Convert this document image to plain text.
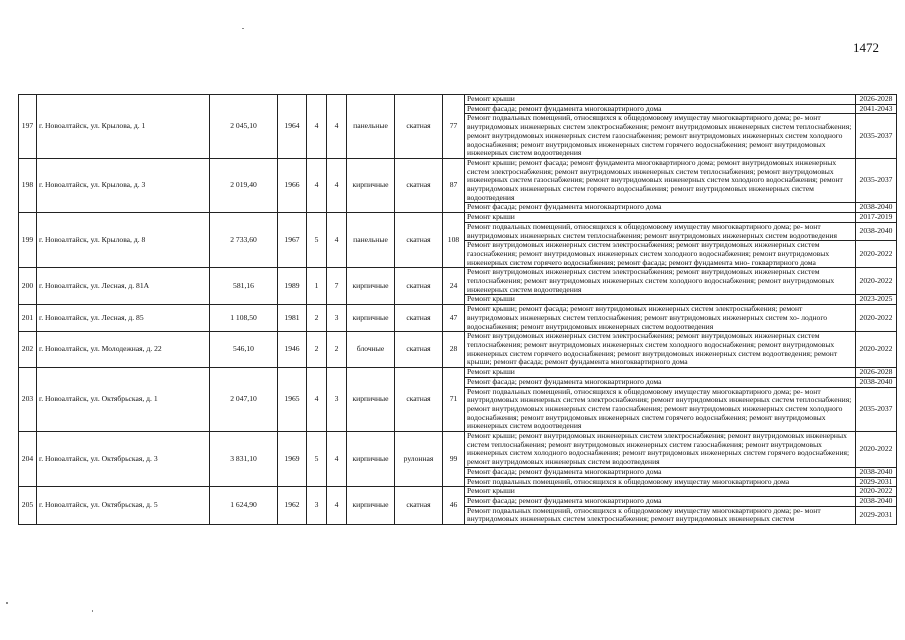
1472
197	г. Новоалтайск, ул. Крылова, д. 1	2 045,10	1964	4	4	панельные	скатная	77	Ремонт крыши	2026-2028
									Ремонт фасада; ремонт фундамента многоквартирного дома	2041-2043
									Ремонт подвальных помещений, относящихся к общедомовому имуществу многоквартирного дома; ре- монт внутридомовых инженерных систем электроснабжения; ремонт внутридомовых инженерных систем теплоснабжения; ремонт внутридомовых инженерных систем газоснабжения; ремонт внутридомовых инженерных систем холодного водоснабжения; ремонт внутридомовых инженерных систем горячего водоснабжения; ремонт внутридомовых инженерных систем водоотведения	2035-2037
198	г. Новоалтайск, ул. Крылова, д. 3	2 019,40	1966	4	4	кирпичные	скатная	87	Ремонт крыши; ремонт фасада; ремонт фундамента многоквартирного дома; ремонт внутридомовых инженерных систем электроснабжения; ремонт внутридомовых инженерных систем теплоснабжения; ремонт внутридомовых инженерных систем газоснабжения; ремонт внутридомовых инженерных систем холодного водоснабжения; ремонт внутридомовых инженерных систем горячего водоснабжения; ремонт внутридомовых инженерных систем водоотведения	2035-2037
									Ремонт фасада; ремонт фундамента многоквартирного дома	2038-2040
199	г. Новоалтайск, ул. Крылова, д. 8	2 733,60	1967	5	4	панельные	скатная	108	Ремонт крыши	2017-2019
									Ремонт подвальных помещений, относящихся к общедомовому имуществу многоквартирного дома; ре- монт внутридомовых инженерных систем теплоснабжения; ремонт внутридомовых инженерных систем водоотведения	2038-2040
									Ремонт внутридомовых инженерных систем электроснабжения; ремонт внутридомовых инженерных систем газоснабжения; ремонт внутридомовых инженерных систем холодного водоснабжения; ремонт внутридомовых инженерных систем горячего водоснабжения; ремонт фасада; ремонт фундамента мно- гоквартирного дома	2020-2022
200	г. Новоалтайск, ул. Лесная, д. 81А	581,16	1989	1	7	кирпичные	скатная	24	Ремонт внутридомовых инженерных систем электроснабжения; ремонт внутридомовых инженерных систем теплоснабжения; ремонт внутридомовых инженерных систем холодного водоснабжения; ремонт внутридомовых инженерных систем водоотведения	2020-2022
									Ремонт крыши	2023-2025
201	г. Новоалтайск, ул. Лесная, д. 85	1 108,50	1981	2	3	кирпичные	скатная	47	Ремонт крыши; ремонт фасада; ремонт внутридомовых инженерных систем электроснабжения; ремонт внутридомовых инженерных систем теплоснабжения; ремонт внутридомовых инженерных систем хо- лодного водоснабжения; ремонт внутридомовых инженерных систем водоотведения	2020-2022
202	г. Новоалтайск, ул. Молодежная, д. 22	546,10	1946	2	2	блочные	скатная	28	Ремонт внутридомовых инженерных систем электроснабжения; ремонт внутридомовых инженерных систем теплоснабжения; ремонт внутридомовых инженерных систем холодного водоснабжения; ремонт внутридомовых инженерных систем горячего водоснабжения; ремонт внутридомовых инженерных систем водоотведения; ремонт крыши; ремонт фасада; ремонт фундамента многоквартирного дома	2020-2022
203	г. Новоалтайск, ул. Октябрьская, д. 1	2 047,10	1965	4	3	кирпичные	скатная	71	Ремонт крыши	2026-2028
									Ремонт фасада; ремонт фундамента многоквартирного дома	2038-2040
									Ремонт подвальных помещений, относящихся к общедомовому имуществу многоквартирного дома; ре- монт внутридомовых инженерных систем электроснабжения; ремонт внутридомовых инженерных систем теплоснабжения; ремонт внутридомовых инженерных систем газоснабжения; ремонт внутридомовых инженерных систем холодного водоснабжения; ремонт внутридомовых инженерных систем горячего водоснабжения; ремонт внутридомовых инженерных систем водоотведения	2035-2037
204	г. Новоалтайск, ул. Октябрьская, д. 3	3 831,10	1969	5	4	кирпичные	рулонная	99	Ремонт крыши; ремонт внутридомовых инженерных систем электроснабжения; ремонт внутридомовых инженерных систем теплоснабжения; ремонт внутридомовых инженерных систем газоснабжения; ремонт внутридомовых инженерных систем холодного водоснабжения; ремонт внутридомовых инженерных систем горячего водоснабжения; ремонт внутридомовых инженерных систем водоотведения	2020-2022
									Ремонт фасада; ремонт фундамента многоквартирного дома	2038-2040
									Ремонт подвальных помещений, относящихся к общедомовому имуществу многоквартирного дома	2029-2031
205	г. Новоалтайск, ул. Октябрьская, д. 5	1 624,90	1962	3	4	кирпичные	скатная	46	Ремонт крыши	2020-2022
									Ремонт фасада; ремонт фундамента многоквартирного дома	2038-2040
									Ремонт подвальных помещений, относящихся к общедомовому имуществу многоквартирного дома; ре- монт внутридомовых инженерных систем электроснабжения; ремонт внутридомовых инженерных систем	2029-2031
